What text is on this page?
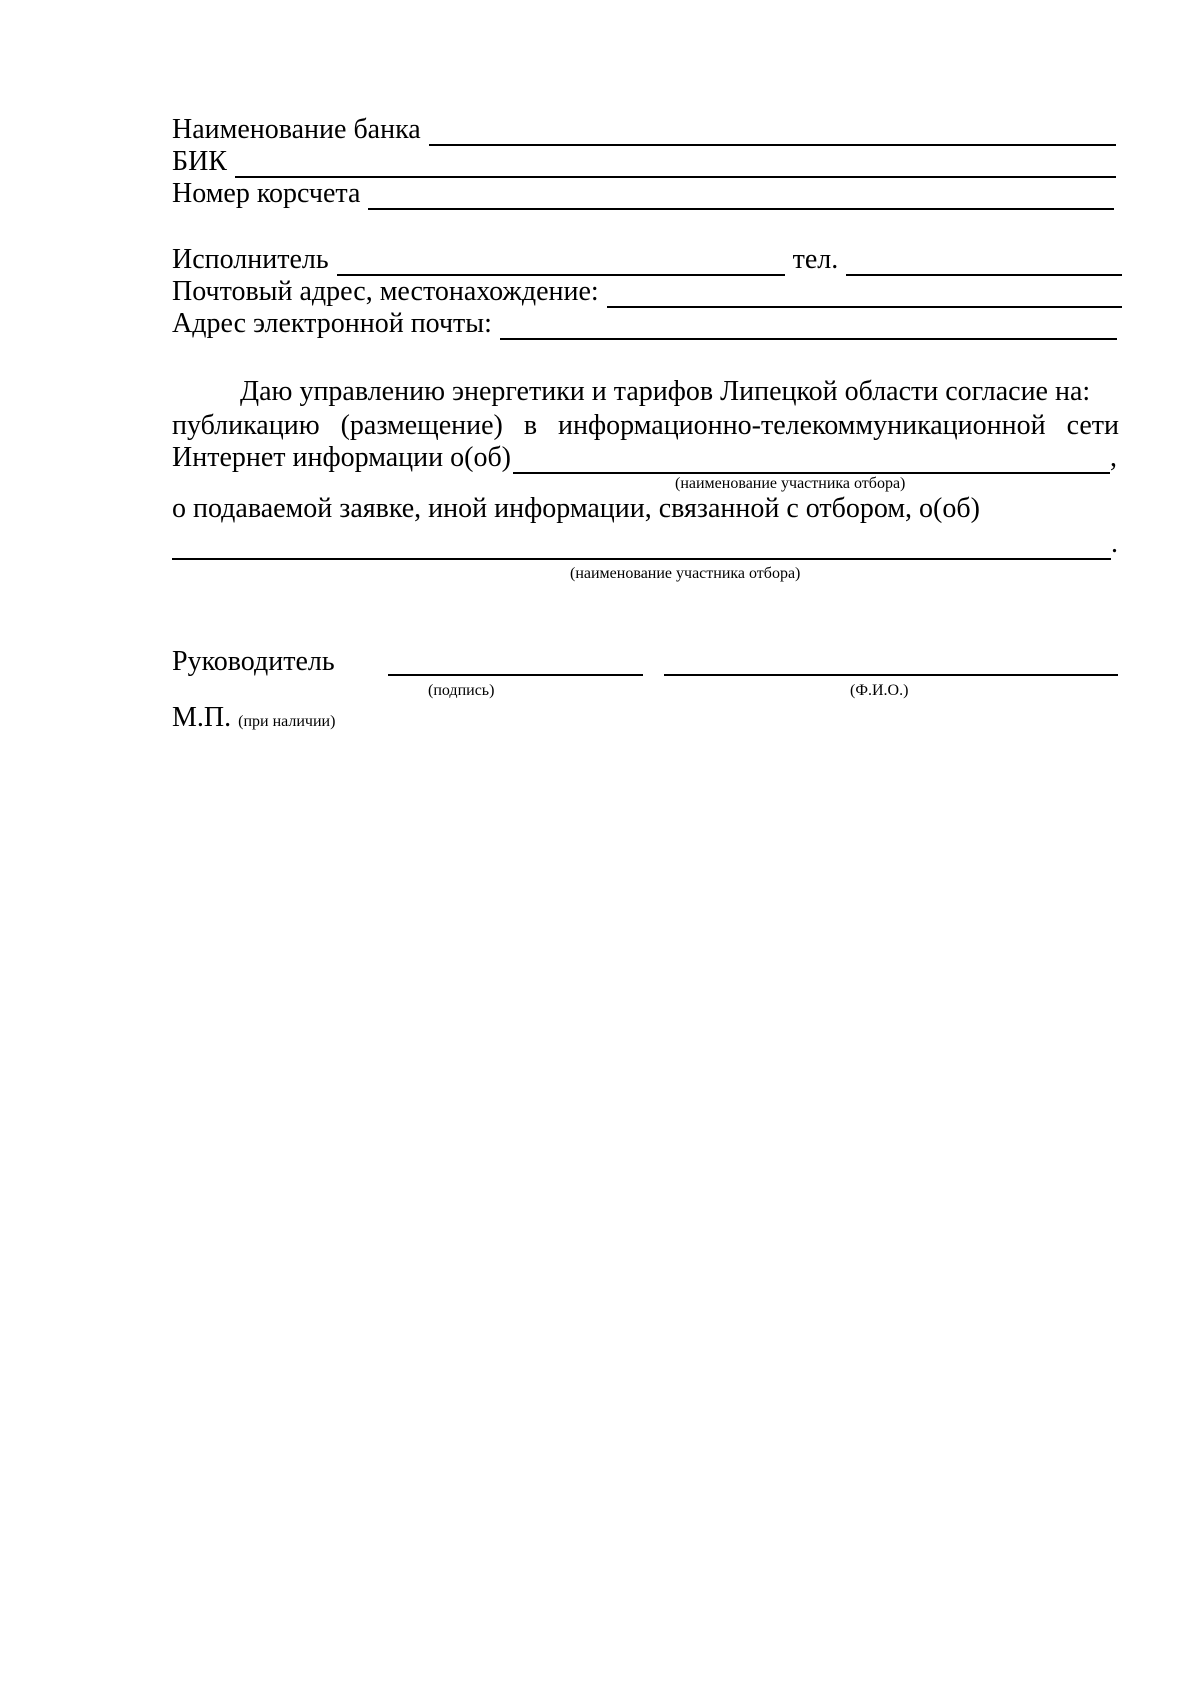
Наименование банка
БИК
Номер корсчета
Исполнитель	тел.
Почтовый адрес, местонахождение:
Адрес электронной почты:
Даю управлению энергетики и тарифов Липецкой области согласие на:
публикацию (размещение) в информационно-телекоммуникационной сети
Интернет информации о(об)	,
(наименование участника отбора)
о подаваемой заявке, иной информации, связанной с отбором, о(об)
.
(наименование участника отбора)
Руководитель
(подпись)	(Ф.И.О.)
М.П. (при наличии)
